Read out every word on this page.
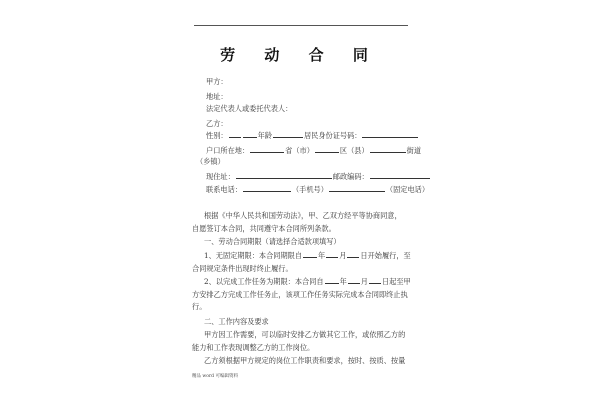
劳 动 合 同
甲方：
地址：
法定代表人或委托代表人：
乙方：
性别：	年龄	居民身份证号码：
户口所在地：	省（市）	区（县）	街道
（乡镇）
现住址：	邮政编码：
联系电话：	（手机号）	（固定电话）
根据《中华人民共和国劳动法》，甲、乙双方经平等协商同意，
自愿签订本合同，共同遵守本合同所列条款。
一、劳动合同期限（请选择合适款项填写）
1、无固定期限：本合同期限自 年 月 日开始履行，至
合同规定条件出现时终止履行。
2、以完成工作任务为期限：本合同自 年 月 日起至甲
方安排乙方完成工作任务止，该项工作任务实际完成本合同即终止执
行。
二、工作内容及要求
甲方因工作需要，可以临时安排乙方做其它工作，或依照乙方的
能力和工作表现调整乙方的工作岗位。
乙方须根据甲方规定的岗位工作职责和要求，按时、按质、按量
精品 word 可编辑资料
